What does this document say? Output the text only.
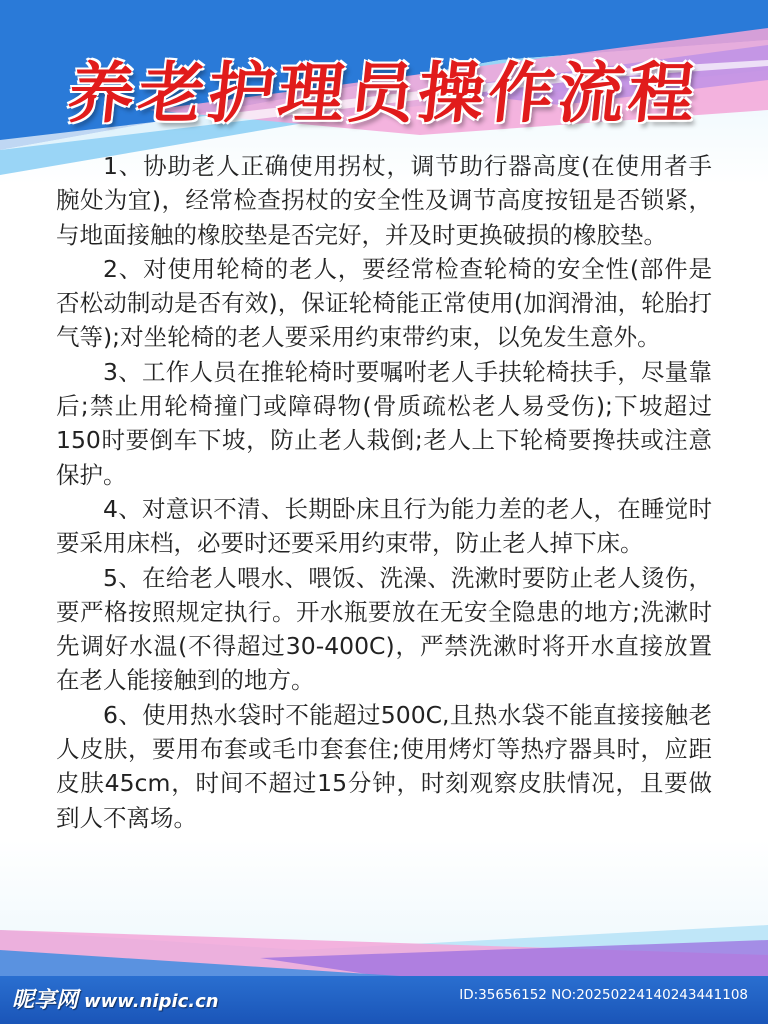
养老护理员操作流程

1、协助老人正确使用拐杖，调节助行器高度(在使用者手腕处为宜)，经常检查拐杖的安全性及调节高度按钮是否锁紧，与地面接触的橡胶垫是否完好，并及时更换破损的橡胶垫。

2、对使用轮椅的老人，要经常检查轮椅的安全性(部件是否松动制动是否有效)，保证轮椅能正常使用(加润滑油，轮胎打气等);对坐轮椅的老人要采用约束带约束，以免发生意外。

3、工作人员在推轮椅时要嘱咐老人手扶轮椅扶手，尽量靠后;禁止用轮椅撞门或障碍物(骨质疏松老人易受伤);下坡超过150时要倒车下坡，防止老人栽倒;老人上下轮椅要搀扶或注意保护。

4、对意识不清、长期卧床且行为能力差的老人，在睡觉时要采用床档，必要时还要采用约束带，防止老人掉下床。

5、在给老人喂水、喂饭、洗澡、洗漱时要防止老人烫伤，要严格按照规定执行。开水瓶要放在无安全隐患的地方;洗漱时先调好水温(不得超过30-400C)，严禁洗漱时将开水直接放置在老人能接触到的地方。

6、使用热水袋时不能超过500C,且热水袋不能直接接触老人皮肤，要用布套或毛巾套套住;使用烤灯等热疗器具时，应距皮肤45cm，时间不超过15分钟，时刻观察皮肤情况，且要做到人不离场。

昵享网 www.nipic.cn	ID:35656152 NO:20250224140243441108
